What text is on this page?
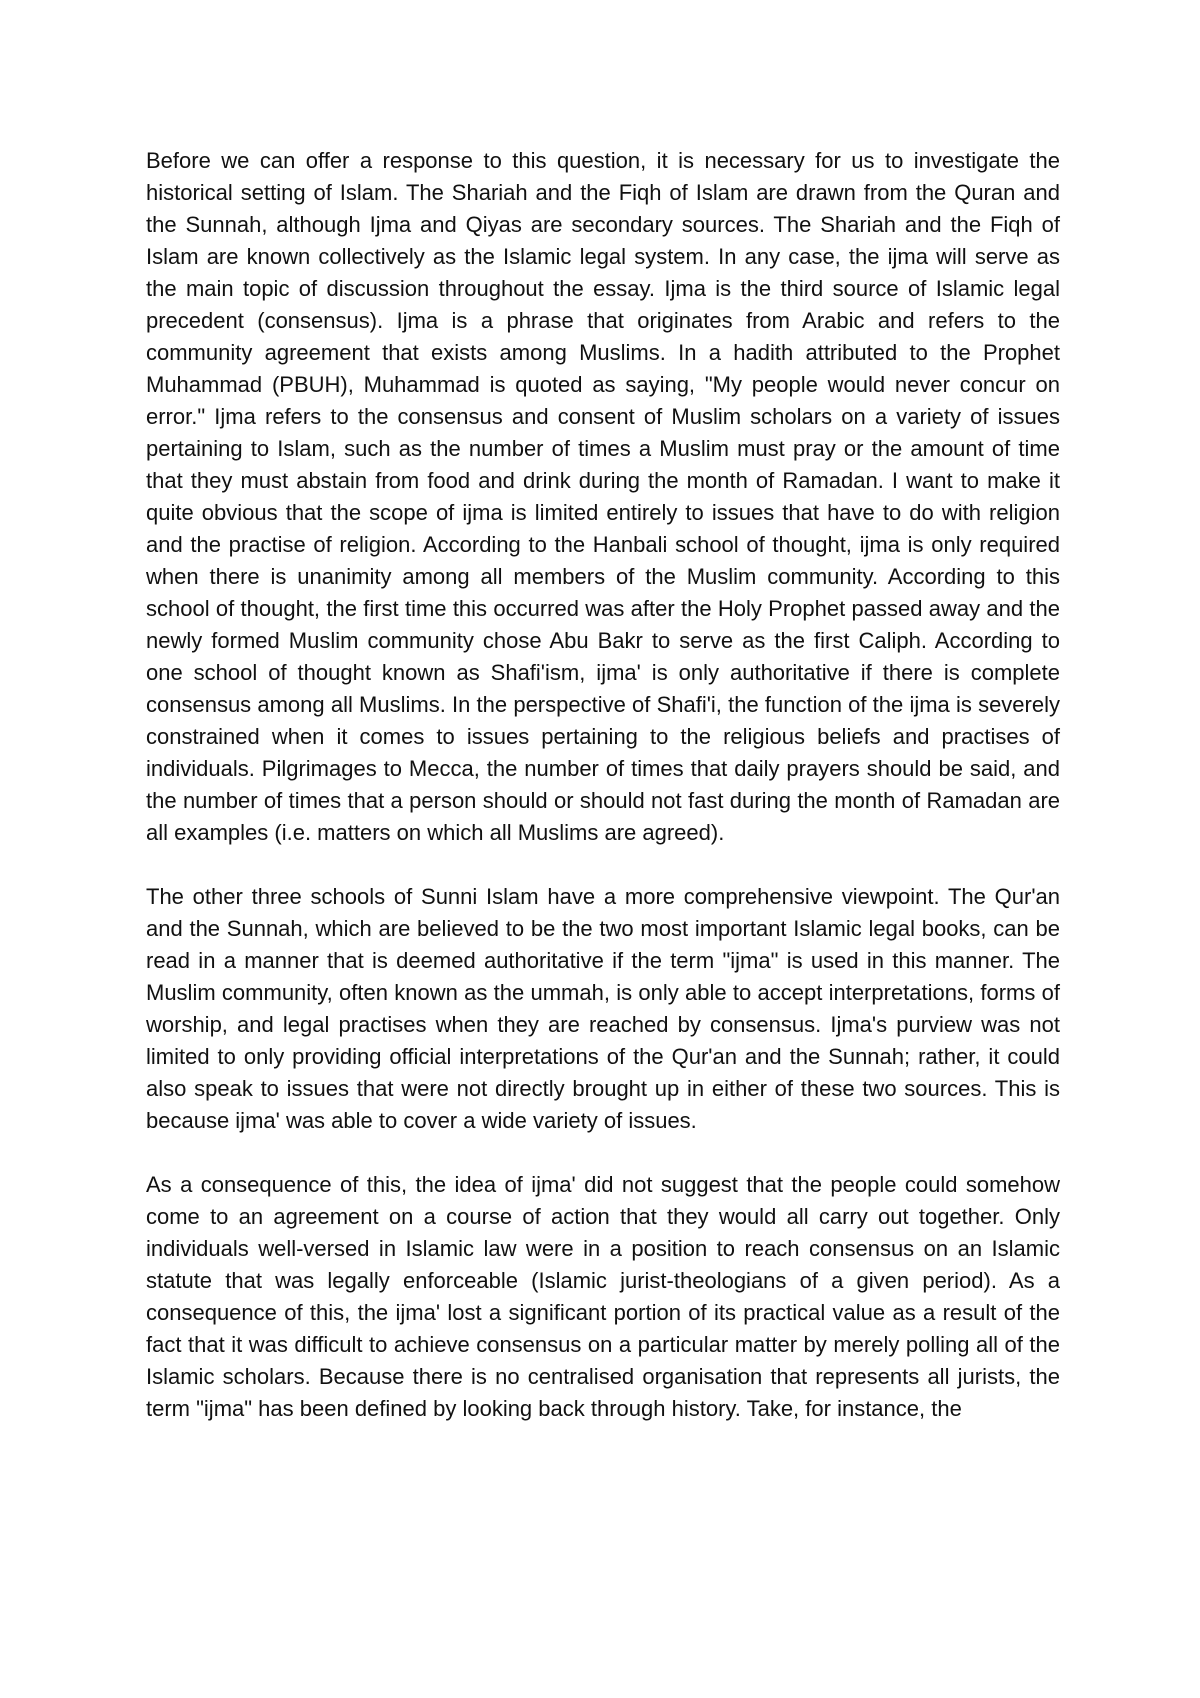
Before we can offer a response to this question, it is necessary for us to investigate the historical setting of Islam. The Shariah and the Fiqh of Islam are drawn from the Quran and the Sunnah, although Ijma and Qiyas are secondary sources. The Shariah and the Fiqh of Islam are known collectively as the Islamic legal system. In any case, the ijma will serve as the main topic of discussion throughout the essay. Ijma is the third source of Islamic legal precedent (consensus). Ijma is a phrase that originates from Arabic and refers to the community agreement that exists among Muslims. In a hadith attributed to the Prophet Muhammad (PBUH), Muhammad is quoted as saying, "My people would never concur on error." Ijma refers to the consensus and consent of Muslim scholars on a variety of issues pertaining to Islam, such as the number of times a Muslim must pray or the amount of time that they must abstain from food and drink during the month of Ramadan. I want to make it quite obvious that the scope of ijma is limited entirely to issues that have to do with religion and the practise of religion. According to the Hanbali school of thought, ijma is only required when there is unanimity among all members of the Muslim community. According to this school of thought, the first time this occurred was after the Holy Prophet passed away and the newly formed Muslim community chose Abu Bakr to serve as the first Caliph. According to one school of thought known as Shafi'ism, ijma' is only authoritative if there is complete consensus among all Muslims. In the perspective of Shafi'i, the function of the ijma is severely constrained when it comes to issues pertaining to the religious beliefs and practises of individuals. Pilgrimages to Mecca, the number of times that daily prayers should be said, and the number of times that a person should or should not fast during the month of Ramadan are all examples (i.e. matters on which all Muslims are agreed).

The other three schools of Sunni Islam have a more comprehensive viewpoint. The Qur'an and the Sunnah, which are believed to be the two most important Islamic legal books, can be read in a manner that is deemed authoritative if the term "ijma" is used in this manner. The Muslim community, often known as the ummah, is only able to accept interpretations, forms of worship, and legal practises when they are reached by consensus. Ijma's purview was not limited to only providing official interpretations of the Qur'an and the Sunnah; rather, it could also speak to issues that were not directly brought up in either of these two sources. This is because ijma' was able to cover a wide variety of issues.

As a consequence of this, the idea of ijma' did not suggest that the people could somehow come to an agreement on a course of action that they would all carry out together. Only individuals well-versed in Islamic law were in a position to reach consensus on an Islamic statute that was legally enforceable (Islamic jurist-theologians of a given period). As a consequence of this, the ijma' lost a significant portion of its practical value as a result of the fact that it was difficult to achieve consensus on a particular matter by merely polling all of the Islamic scholars. Because there is no centralised organisation that represents all jurists, the term "ijma" has been defined by looking back through history. Take, for instance, the
